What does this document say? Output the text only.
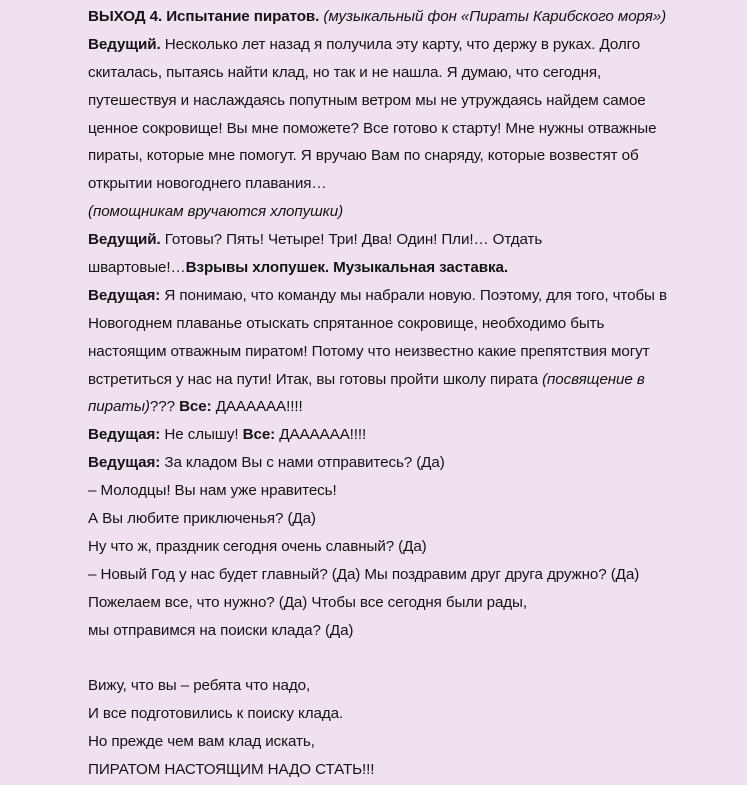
ВЫХОД 4. Испытание пиратов. (музыкальный фон «Пираты Карибского моря»)
Ведущий. Несколько лет назад я получила эту карту, что держу в руках. Долго
скиталась, пытаясь найти клад, но так и не нашла. Я думаю, что сегодня,
путешествуя и наслаждаясь попутным ветром мы не утруждаясь найдем самое
ценное сокровище! Вы мне поможете? Все готово к старту! Мне нужны отважные
пираты, которые мне помогут. Я вручаю Вам по снаряду, которые возвестят об
открытии новогоднего плавания…
(помощникам вручаются хлопушки)
Ведущий. Готовы? Пять! Четыре! Три! Два! Один! Пли!… Отдать
швартовые!…Взрывы хлопушек. Музыкальная заставка.
Ведущая: Я понимаю, что команду мы набрали новую. Поэтому, для того, чтобы в
Новогоднем плаванье отыскать спрятанное сокровище, необходимо быть
настоящим отважным пиратом! Потому что неизвестно какие препятствия могут
встретиться у нас на пути! Итак, вы готовы пройти школу пирата (посвящение в
пираты)??? Все: ДАААААА!!!!
Ведущая: Не слышу! Все: ДАААААА!!!!
Ведущая: За кладом Вы с нами отправитесь? (Да)
– Молодцы! Вы нам уже нравитесь!
А Вы любите приключенья? (Да)
Ну что ж, праздник сегодня очень славный? (Да)
– Новый Год у нас будет главный? (Да) Мы поздравим друг друга дружно? (Да)
Пожелаем все, что нужно? (Да) Чтобы все сегодня были рады,
мы отправимся на поиски клада? (Да)
Вижу, что вы – ребята что надо,
И все подготовились к поиску клада.
Но прежде чем вам клад искать,
ПИРАТОМ НАСТОЯЩИМ НАДО СТАТЬ!!!
